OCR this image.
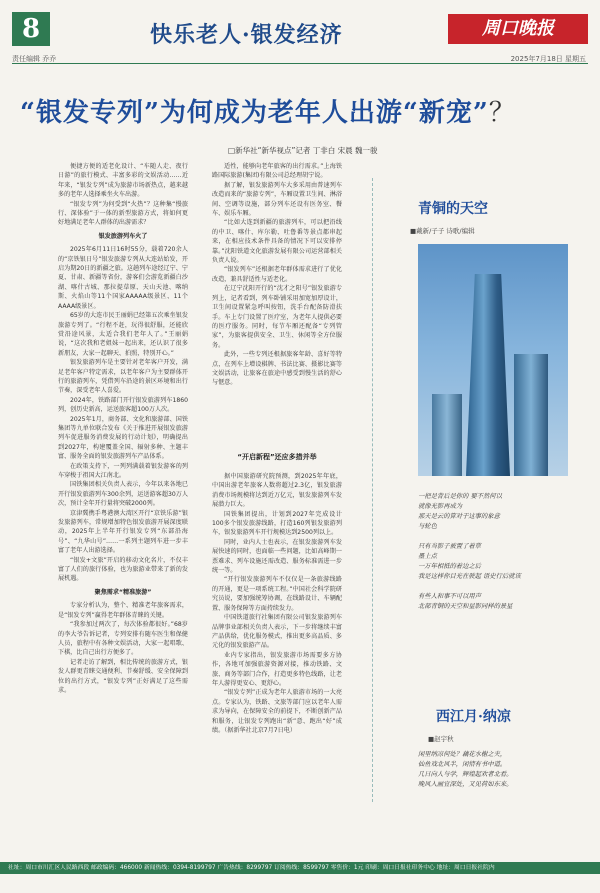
8	快乐老人·银发经济	周口晚报
责任编辑 乔乔	2025年7月18日 星期五
“银发专列”为何成为老年人出游“新宠”？
□新华社“新华视点”记者 丁非白 宋晨 魏一骏

便捷方便的适老化设计、“车随人走、夜行日游”的旅行模式、丰富多彩的文娱活动……近年来，“银发专列”成为旅游市场新热点，越来越多的老年人选择乘坐火车出游。

“银发专列”为何受到“火热”？这种集“慢旅行、深体验”于一体的新型旅游方式，将如何更好地满足老年人群体的出游需求？

银发旅游列车火了

2025年6月11日16时55分，载着720余人的“京铁银日号”银发旅游专列从大连站始发，开启为期20日的新疆之旅。这趟列车途经辽宁、宁夏、甘肃、新疆等省份，游客们会游览新疆白沙湖、喀什古城、那拉提草原、天山天池、喀纳斯、火焰山等11个国家AAAAA级景区、11个AAAA级景区。

65岁的大连市民王丽娟已经第五次乘坐银发旅游专列了。“行程不赶，玩得很舒服，还能欣赏沿途风景，太适合我们老年人了。”王丽娟说，“这次我和老姐妹一起出来，还认识了很多新朋友，大家一起聊天、拍照，特别开心。”

银发旅游列车是主要针对老年客户开发，满足老年客户特定需求，以老年客户为主要群体开行的旅游列车，凭借列车沿途的景区环境和出行节奏，深受老年人喜爱。

2024年，铁路部门开行银发旅游列车1860列，创历史新高，运送旅客超100万人次。

2025年1月，商务部、文化和旅游部、国铁集团等九单位联合发布《关于推进开展银发旅游列车促进服务消费发展的行动计划》，明确提出到2027年，构建覆盖全国、辐射多种、主题丰富、服务全面的银发旅游列车产品体系。

在政策支持下，一列列满载着银发游客的列车穿梭于祖国大江南北。

国铁集团相关负责人表示，今年以来各地已开行银发旅游列车300余列，运送游客超30万人次，预计全年开行量将突破2000列。

京津冀携手粤港澳大湾区开行“京铁乐游”银发旅游列车，常规增加特色银发旅游开展深度联动，2025年上半年开行银发专列“东部沿海号”、“九华山号”……一系列主题列车进一步丰富了老年人出游选择。

“银发+文旅”开启的移动文化名片，不仅丰富了人们的旅行体验，也为旅游业带来了新的发展机遇。

聚焦需求“精准旅游”

专家分析认为，整个、精准老年旅客需求，是“银发专列”赢得老年群体青睐的关键。

“我参加过两次了，每次体验都很好。”68岁的李大爷告诉记者，专列安排有随车医生和保健人员，旅程中有各种文娱活动，大家一起唱歌、下棋，比自己出行方便多了。

记者走访了解到，相比传统的旅游方式，银发人群更青睐交通便利、节奏舒缓、安全保障到位的出行方式，“银发专列”正好满足了这些需求。

适性，能够向老年旅客的出行需求。”上海铁路国际旅游(集团)有限公司总经理胡宁说。

据了解，银发旅游列车大多采用由普速列车改造而来的“旅游专列”，车厢设置卫生间、淋浴间、空调等设施，部分列车还设有医务室、餐车、娱乐车厢。

“比如大连到新疆的旅游列车，可以把沿线的中卫、喀什、库尔勒、吐鲁番等景点都串起来，在相应技术条件具备的情况下可以安排停靠。”沈阳铁道文化旅游发展有限公司运营部相关负责人说。

“银发列车”还根据老年群体需求进行了优化改造，兼具舒适性与适老化。

在辽宁沈阳开行的“沈才之阳号”银发旅游专列上，记者看到，列车卧铺采用加宽加厚设计，卫生间设置紧急呼叫按钮，洗手台配备防滑扶手。车上专门设置了医疗室，为老年人提供必要的医疗服务。同时，每节车厢还配备“专列管家”，为旅客提供安全、卫生、休闲等全方位服务。

此外，一些专列还根据旅客年龄、喜好等特点，在列车上增设棋牌、书法比赛、摄影比赛等文娱活动，让旅客在旅途中感受到慢生活的舒心与惬意。

“开启新程”还应多措并举

据中国旅游研究院预测，到2025年年底，中国出游老年旅客人数将超过2.3亿，银发旅游消费市场规模将达到近万亿元，银发旅游列车发展潜力巨大。

国铁集团提出，计划到2027年完成设计100多个银发旅游线路，打造160列银发旅游列车，银发旅游列车开行规模达到2500列以上。

同时，业内人士也表示，在银发旅游列车发展快速的同时，也面临一些问题，比如高峰期一票难求、列车设施还需改造、服务标准需进一步统一等。

“开行银发旅游列车不仅仅是一条旅游线路的开通，更是一项系统工程。”中国社会科学院研究员说，要加强统筹协调，在线路设计、车辆配置、服务保障等方面持续发力。

中国铁道旅行社集团有限公司银发旅游列车品牌事业部相关负责人表示，下一步将继续丰富产品供给，优化服务模式，推出更多高品质、多元化的银发旅游产品。

业内专家指出，银发旅游市场需要多方协作，各地可加强旅游资源对接，推动铁路、文旅、商务等部门合作，打造更多特色线路，让老年人游得更安心、更舒心。

“银发专列”正成为老年人旅游市场的一大亮点。专家认为，铁路、文旅等部门应以老年人需求为导向，在保障安全的前提下，不断创新产品和服务，让银发专列跑出“新”意、跑出“好”成绩。（据新华社北京7月7日电）

青铜的天空
■戴新/子子 诗歌/编辑
一把是背后是你的 要不然何以
就像光影再成为
那天是云的算对于这事的象意
与轮色

只有当影子被置了着草
墨上点
一万年相抵的着边之后
我是这样你目光在驶起 语史行后就该

有些人和事不可以用声
北部青铜的天空和星影同样的景星
西江月·纳凉
■赵宇秋
闲里纳凉何处？藕花水榭之夹，
仙鱼戏北风半，闲情有书中道。
几日向人与学，辉煌起欢者北看。
晚风入画宜深处，又见荷如东来。
社址：周口市川汇区人民路西段 邮政编码：466000 新闻热线：0394-8199797 广告热线：8299797 订阅热线：8599797 零售价：1元 印刷：周口日报社印务中心 地址：周口日报社院内
